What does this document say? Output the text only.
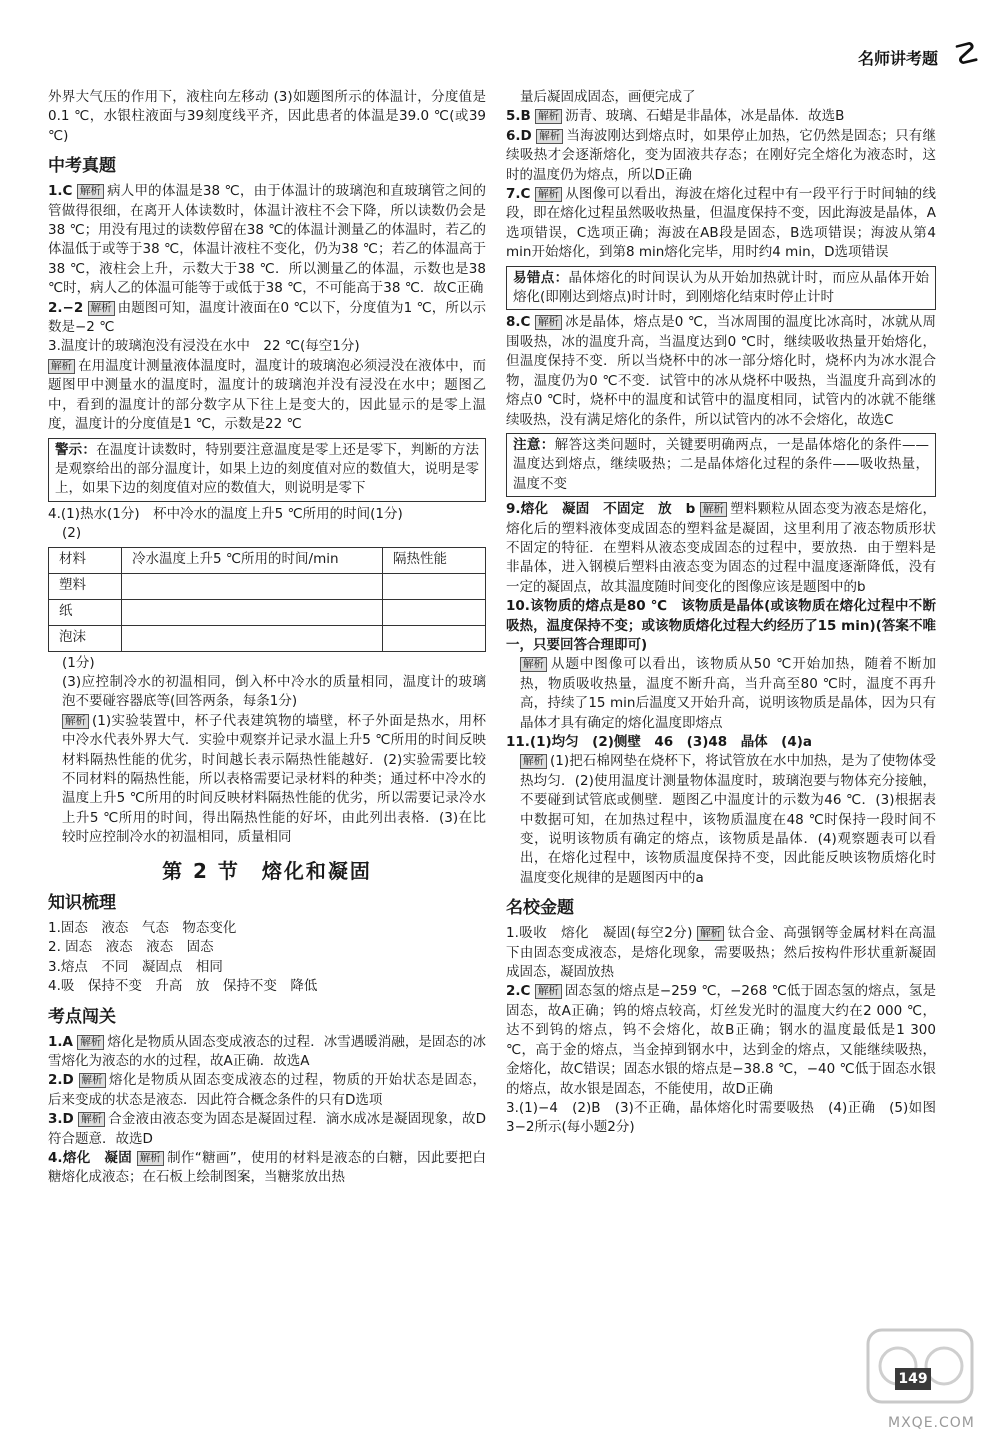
名师讲考题 ☡

外界大气压的作用下，液柱向左移动 (3)如题图所示的体温计，分度值是0.1 ℃，水银柱液面与39刻度线平齐，因此患者的体温是39.0 ℃(或39 ℃)

中考真题

1.C 解析 病人甲的体温是38 ℃，由于体温计的玻璃泡和直玻璃管之间的管做得很细，在离开人体读数时，体温计液柱不会下降，所以读数仍会是38 ℃；用没有甩过的读数停留在38 ℃的体温计测量乙的体温时，若乙的体温低于或等于38 ℃，体温计液柱不变化，仍为38 ℃；若乙的体温高于38 ℃，液柱会上升，示数大于38 ℃．所以测量乙的体温，示数也是38 ℃时，病人乙的体温可能等于或低于38 ℃，不可能高于38 ℃．故C正确

2.−2 解析 由题图可知，温度计液面在0 ℃以下，分度值为1 ℃，所以示数是−2 ℃

3.温度计的玻璃泡没有浸没在水中　22 ℃(每空1分)

解析 在用温度计测量液体温度时，温度计的玻璃泡必须浸没在液体中，而题图甲中测量水的温度时，温度计的玻璃泡并没有浸没在水中；题图乙中，看到的温度计的部分数字从下往上是变大的，因此显示的是零上温度，温度计的分度值是1 ℃，示数是22 ℃

警示：在温度计读数时，特别要注意温度是零上还是零下，判断的方法是观察给出的部分温度计，如果上边的刻度值对应的数值大，说明是零上，如果下边的刻度值对应的数值大，则说明是零下

4.(1)热水(1分)　杯中冷水的温度上升5 ℃所用的时间(1分)

(2)

材料	冷水温度上升5 ℃所用的时间/min	隔热性能
塑料		
纸		
泡沫		

(1分)

(3)应控制冷水的初温相同，倒入杯中冷水的质量相同，温度计的玻璃泡不要碰容器底等(回答两条，每条1分)

解析 (1)实验装置中，杯子代表建筑物的墙壁，杯子外面是热水，用杯中冷水代表外界大气．实验中观察并记录水温上升5 ℃所用的时间反映材料隔热性能的优劣，时间越长表示隔热性能越好．(2)实验需要比较不同材料的隔热性能，所以表格需要记录材料的种类；通过杯中冷水的温度上升5 ℃所用的时间反映材料隔热性能的优劣，所以需要记录冷水上升5 ℃所用的时间，得出隔热性能的好坏，由此列出表格．(3)在比较时应控制冷水的初温相同，质量相同

第 2 节　熔化和凝固
知识梳理

1.固态　液态　气态　物态变化

2. 固态　液态　液态　固态

3.熔点　不同　凝固点　相同

4.吸　保持不变　升高　放　保持不变　降低

考点闯关

1.A 解析 熔化是物质从固态变成液态的过程．冰雪遇暖消融，是固态的冰雪熔化为液态的水的过程，故A正确．故选A

2.D 解析 熔化是物质从固态变成液态的过程，物质的开始状态是固态，后来变成的状态是液态．因此符合概念条件的只有D选项

3.D 解析 合金液由液态变为固态是凝固过程．滴水成冰是凝固现象，故D符合题意．故选D

4.熔化　凝固 解析 制作“糖画”，使用的材料是液态的白糖，因此要把白糖熔化成液态；在石板上绘制图案，当糖浆放出热

量后凝固成固态，画便完成了

5.B 解析 沥青、玻璃、石蜡是非晶体，冰是晶体．故选B

6.D 解析 当海波刚达到熔点时，如果停止加热，它仍然是固态；只有继续吸热才会逐渐熔化，变为固液共存态；在刚好完全熔化为液态时，这时的温度仍为熔点，所以D正确

7.C 解析 从图像可以看出，海波在熔化过程中有一段平行于时间轴的线段，即在熔化过程虽然吸收热量，但温度保持不变，因此海波是晶体，A选项错误，C选项正确；海波在AB段是固态，B选项错误；海波从第4 min开始熔化，到第8 min熔化完毕，用时约4 min，D选项错误

易错点：晶体熔化的时间误认为从开始加热就计时，而应从晶体开始熔化(即刚达到熔点)时计时，到刚熔化结束时停止计时

8.C 解析 冰是晶体，熔点是0 ℃，当冰周围的温度比冰高时，冰就从周围吸热，冰的温度升高，当温度达到0 ℃时，继续吸收热量开始熔化，但温度保持不变．所以当烧杯中的冰一部分熔化时，烧杯内为冰水混合物，温度仍为0 ℃不变．试管中的冰从烧杯中吸热，当温度升高到冰的熔点0 ℃时，烧杯中的温度和试管中的温度相同，试管内的冰就不能继续吸热，没有满足熔化的条件，所以试管内的冰不会熔化，故选C

注意：解答这类问题时，关键要明确两点，一是晶体熔化的条件——温度达到熔点，继续吸热；二是晶体熔化过程的条件——吸收热量，温度不变

9.熔化　凝固　不固定　放　b 解析 塑料颗粒从固态变为液态是熔化，熔化后的塑料液体变成固态的塑料盆是凝固，这里利用了液态物质形状不固定的特征．在塑料从液态变成固态的过程中，要放热．由于塑料是非晶体，进入钢模后塑料由液态变为固态的过程中温度逐渐降低，没有一定的凝固点，故其温度随时间变化的图像应该是题图中的b

10.该物质的熔点是80 ℃　该物质是晶体(或该物质在熔化过程中不断吸热，温度保持不变；或该物质熔化过程大约经历了15 min)(答案不唯一，只要回答合理即可)

解析 从题中图像可以看出，该物质从50 ℃开始加热，随着不断加热，物质吸收热量，温度不断升高，当升高至80 ℃时，温度不再升高，持续了15 min后温度又开始升高，说明该物质是晶体，因为只有晶体才具有确定的熔化温度即熔点

11.(1)均匀　(2)侧壁　46　(3)48　晶体　(4)a

解析 (1)把石棉网垫在烧杯下，将试管放在水中加热，是为了使物体受热均匀．(2)使用温度计测量物体温度时，玻璃泡要与物体充分接触，不要碰到试管底或侧壁．题图乙中温度计的示数为46 ℃．(3)根据表中数据可知，在加热过程中，该物质温度在48 ℃时保持一段时间不变，说明该物质有确定的熔点，该物质是晶体．(4)观察题表可以看出，在熔化过程中，该物质温度保持不变，因此能反映该物质熔化时温度变化规律的是题图丙中的a

名校金题

1.吸收　熔化　凝固(每空2分) 解析 钛合金、高强钢等金属材料在高温下由固态变成液态，是熔化现象，需要吸热；然后按构件形状重新凝固成固态，凝固放热

2.C 解析 固态氢的熔点是−259 ℃，−268 ℃低于固态氢的熔点，氢是固态，故A正确；钨的熔点较高，灯丝发光时的温度大约在2 000 ℃，达不到钨的熔点，钨不会熔化，故B正确；钢水的温度最低是1 300 ℃，高于金的熔点，当金掉到钢水中，达到金的熔点，又能继续吸热，金熔化，故C错误；固态水银的熔点是−38.8 ℃，−40 ℃低于固态水银的熔点，故水银是固态，不能使用，故D正确

3.(1)−4　(2)B　(3)不正确，晶体熔化时需要吸热　(4)正确　(5)如图3−2所示(每小题2分)

149
MXQE.COM
